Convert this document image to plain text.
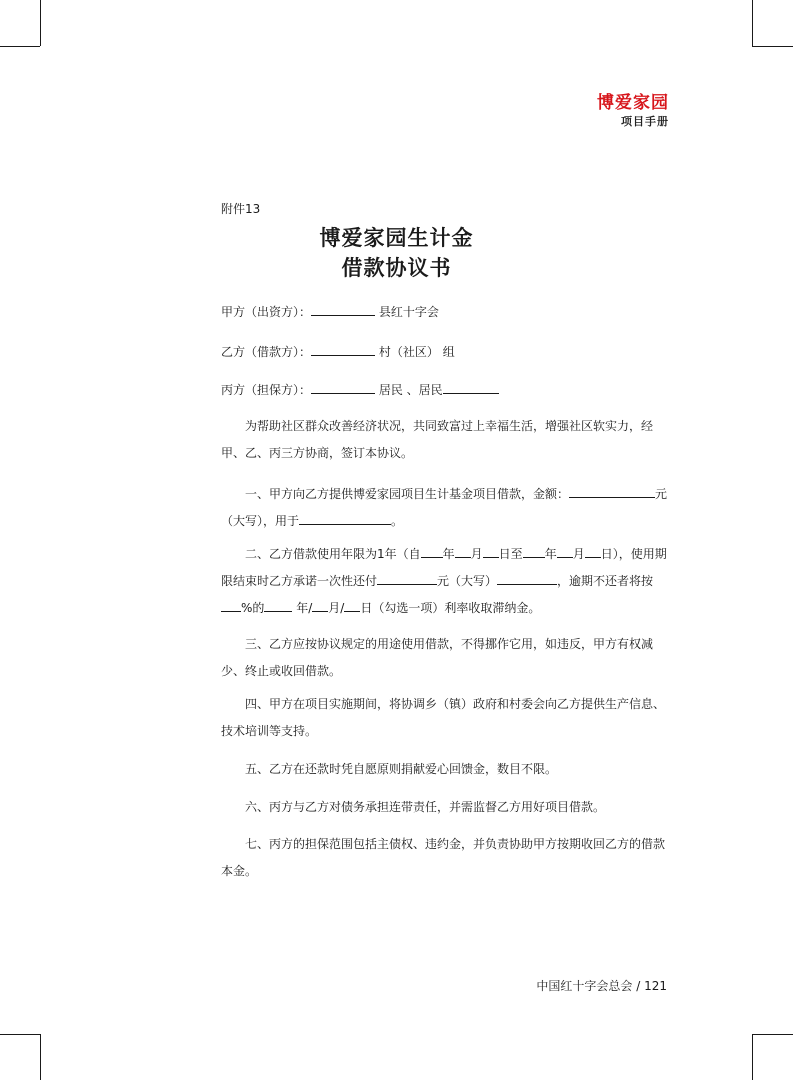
博爱家园
项目手册
附件13
博爱家园生计金
借款协议书
甲方（出资方）：	县红十字会
乙方（借款方）：	村（社区） 组
丙方（担保方）：	居民 、居民
为帮助社区群众改善经济状况，共同致富过上幸福生活，增强社区软实力，经甲、乙、丙三方协商，签订本协议。
一、甲方向乙方提供博爱家园项目生计基金项目借款，金额：	元（大写），用于	。
二、乙方借款使用年限为1年（自 年 月 日至 年 月 日），使用期限结束时乙方承诺一次性还付	元（大写）	，逾期不还者将按%的 年/ 月/ 日（勾选一项）利率收取滞纳金。
三、乙方应按协议规定的用途使用借款，不得挪作它用，如违反，甲方有权减少、终止或收回借款。
四、甲方在项目实施期间，将协调乡（镇）政府和村委会向乙方提供生产信息、技术培训等支持。
五、乙方在还款时凭自愿原则捐献爱心回馈金，数目不限。
六、丙方与乙方对债务承担连带责任，并需监督乙方用好项目借款。
七、丙方的担保范围包括主债权、违约金，并负责协助甲方按期收回乙方的借款本金。
中国红十字会总会 / 121
